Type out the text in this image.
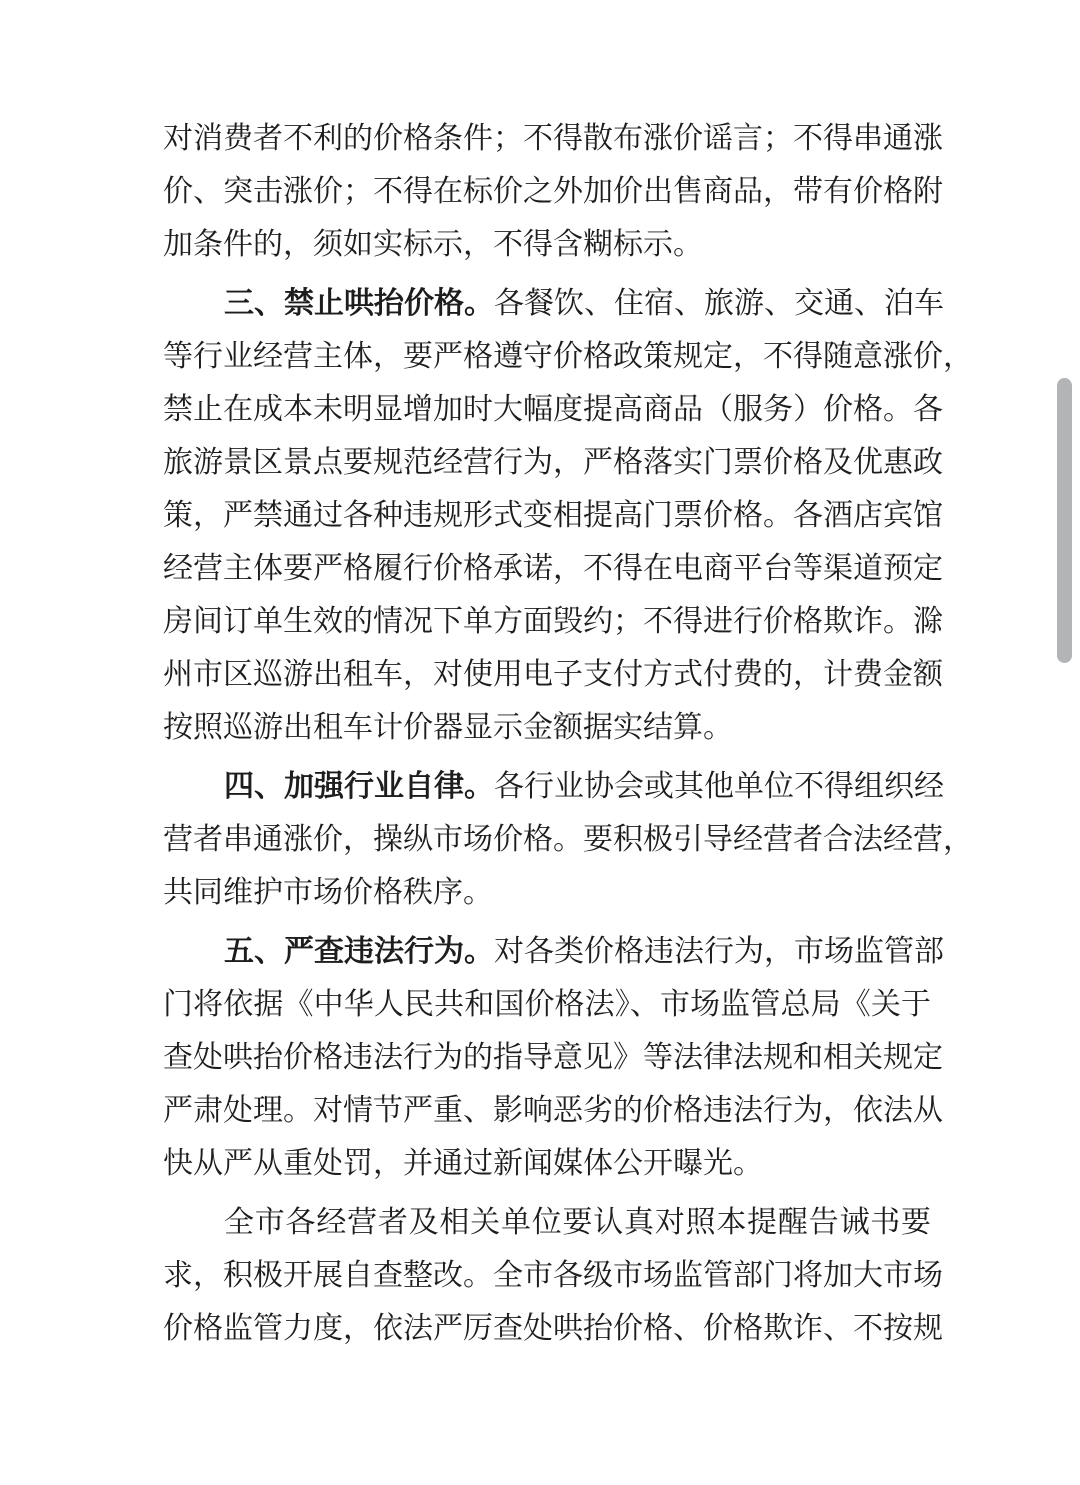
对消费者不利的价格条件；不得散布涨价谣言；不得串通涨
价、突击涨价；不得在标价之外加价出售商品，带有价格附
加条件的，须如实标示，不得含糊标示。
三、禁止哄抬价格。各餐饮、住宿、旅游、交通、泊车
等行业经营主体，要严格遵守价格政策规定，不得随意涨价，
禁止在成本未明显增加时大幅度提高商品（服务）价格。各
旅游景区景点要规范经营行为，严格落实门票价格及优惠政
策，严禁通过各种违规形式变相提高门票价格。各酒店宾馆
经营主体要严格履行价格承诺，不得在电商平台等渠道预定
房间订单生效的情况下单方面毁约；不得进行价格欺诈。滁
州市区巡游出租车，对使用电子支付方式付费的，计费金额
按照巡游出租车计价器显示金额据实结算。
四、加强行业自律。各行业协会或其他单位不得组织经
营者串通涨价，操纵市场价格。要积极引导经营者合法经营，
共同维护市场价格秩序。
五、严查违法行为。对各类价格违法行为，市场监管部
门将依据《中华人民共和国价格法》、市场监管总局《关于
查处哄抬价格违法行为的指导意见》等法律法规和相关规定
严肃处理。对情节严重、影响恶劣的价格违法行为，依法从
快从严从重处罚，并通过新闻媒体公开曝光。
全市各经营者及相关单位要认真对照本提醒告诫书要
求，积极开展自查整改。全市各级市场监管部门将加大市场
价格监管力度，依法严厉查处哄抬价格、价格欺诈、不按规
